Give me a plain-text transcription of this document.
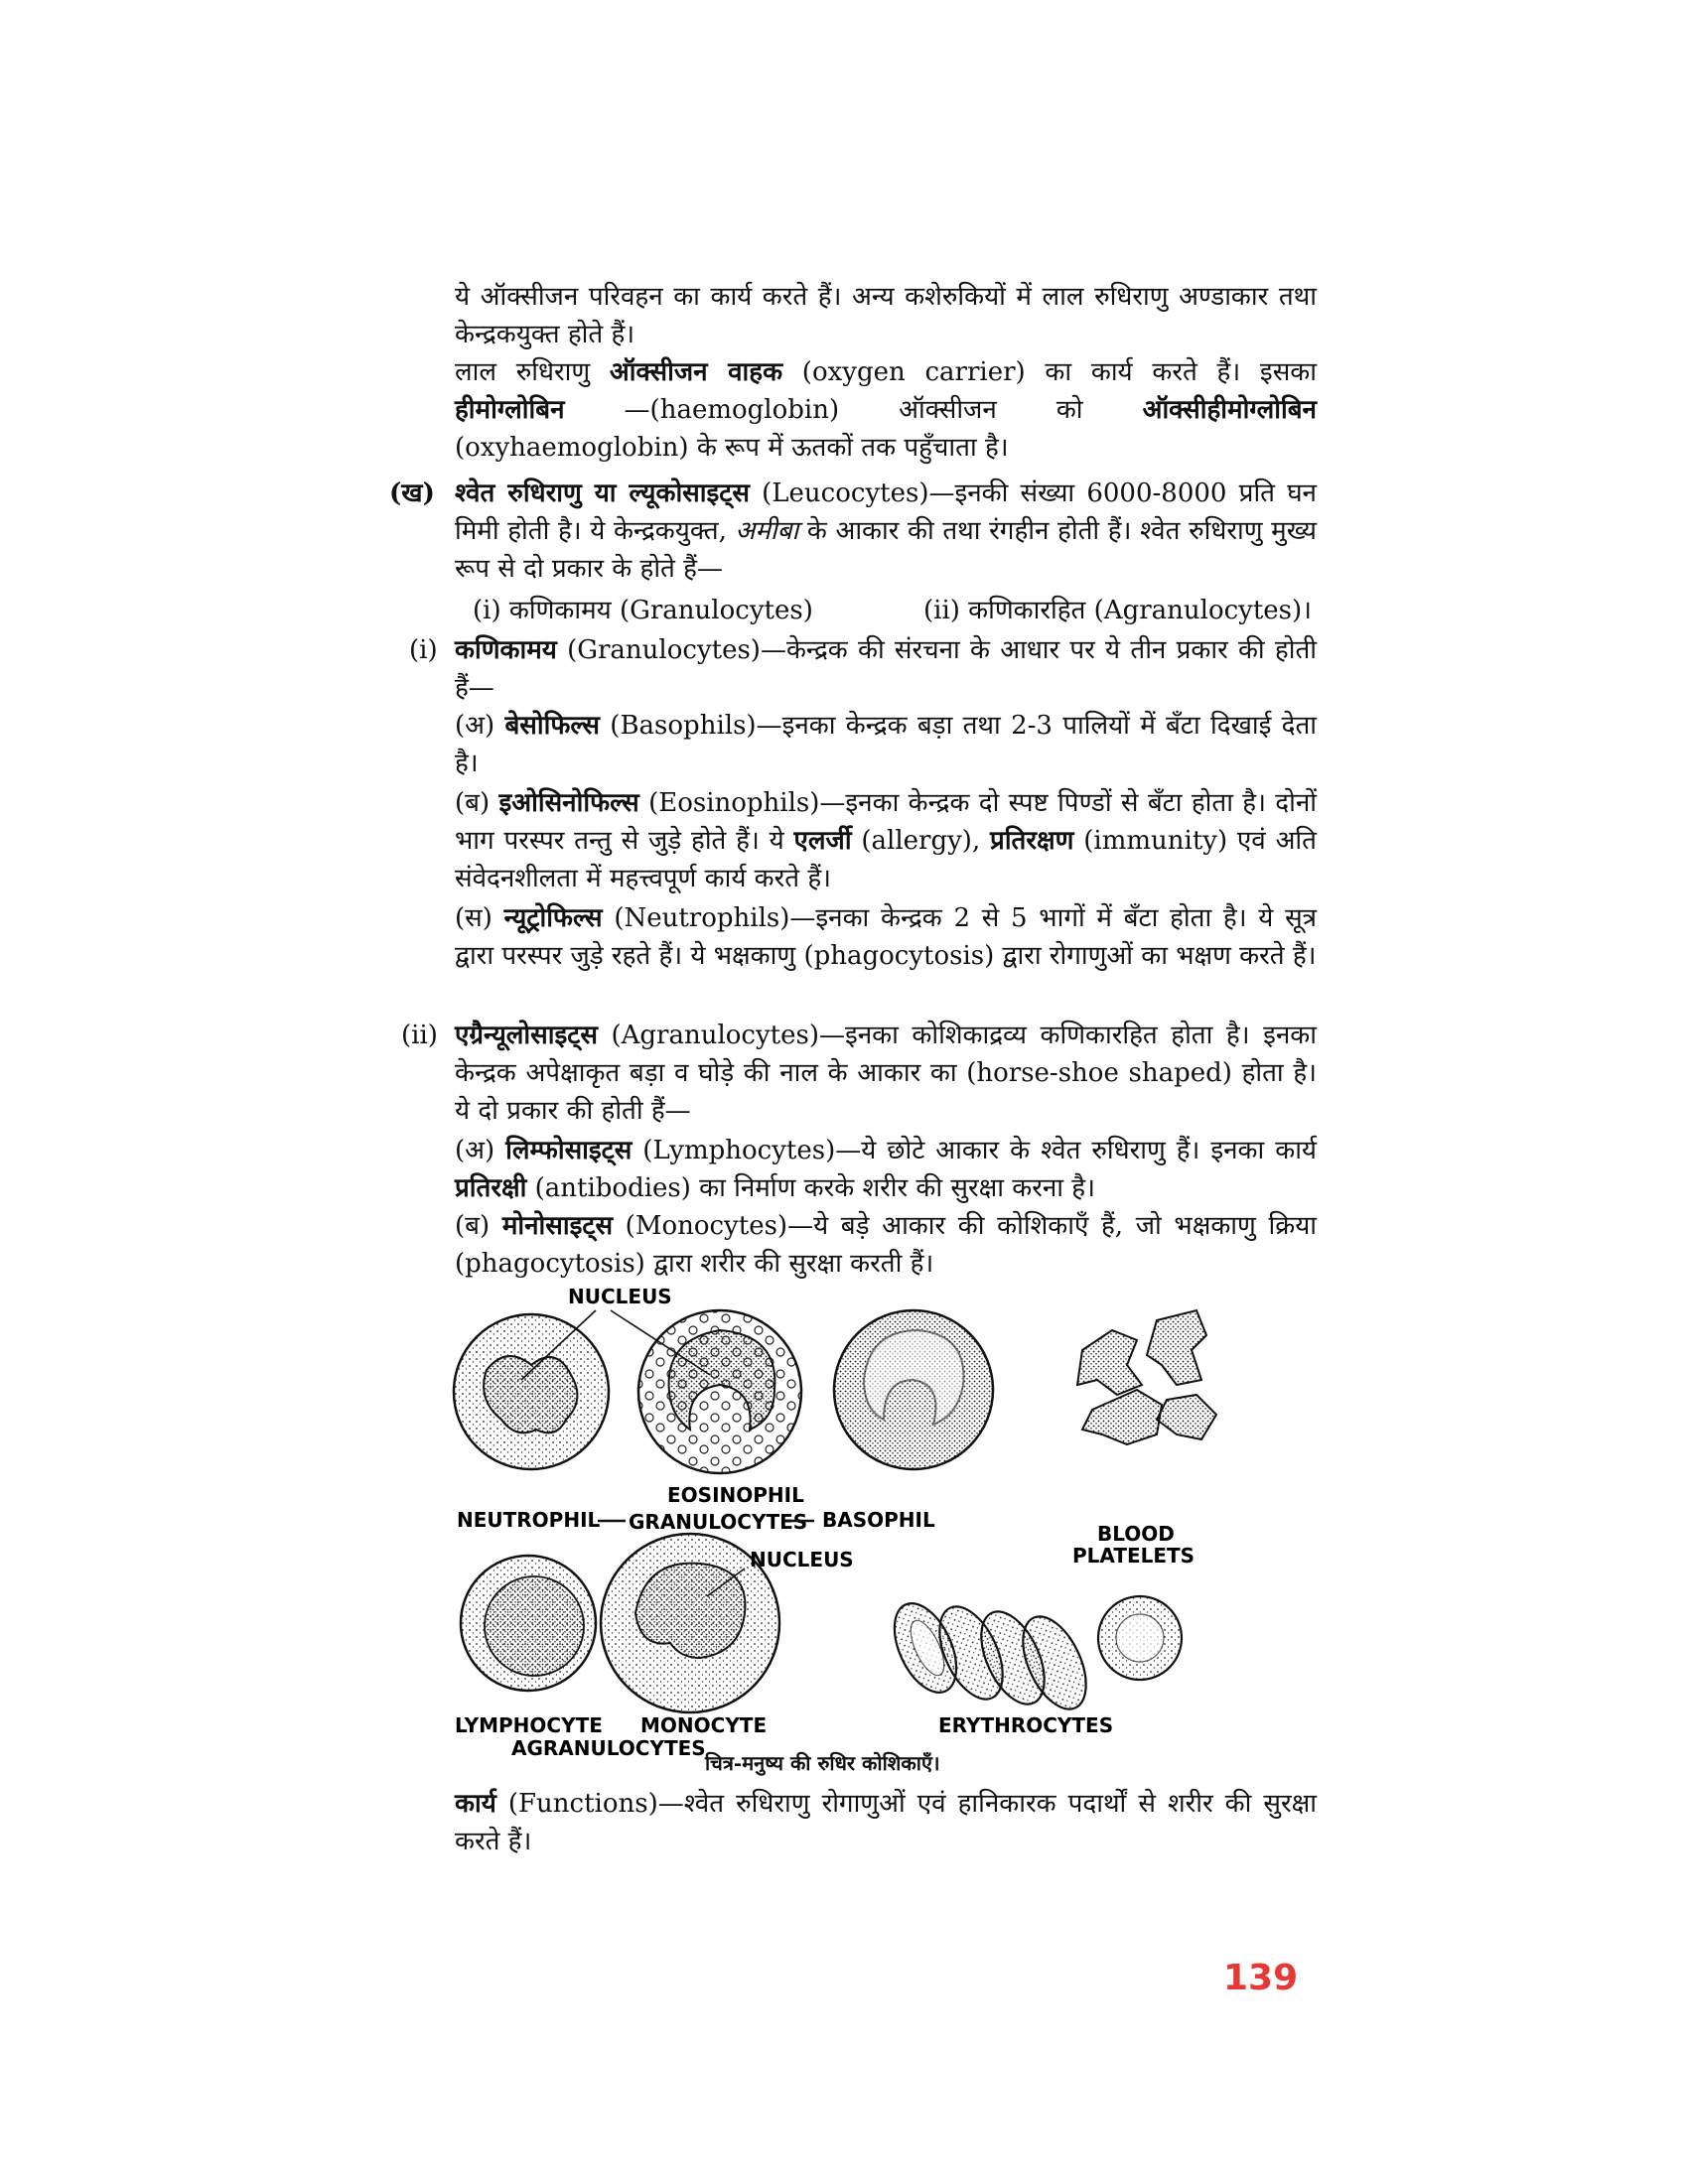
ये ऑक्सीजन परिवहन का कार्य करते हैं। अन्य कशेरुकियों में लाल रुधिराणु अण्डाकार तथा केन्द्रकयुक्त होते हैं।
लाल रुधिराणु ऑक्सीजन वाहक (oxygen carrier) का कार्य करते हैं। इसका हीमोग्लोबिन —(haemoglobin) ऑक्सीजन को ऑक्सीहीमोग्लोबिन (oxyhaemoglobin) के रूप में ऊतकों तक पहुँचाता है।
(ख) श्वेत रुधिराणु या ल्यूकोसाइट्स (Leucocytes)—इनकी संख्या 6000-8000 प्रति घन मिमी होती है। ये केन्द्रकयुक्त, अमीबा के आकार की तथा रंगहीन होती हैं। श्वेत रुधिराणु मुख्य रूप से दो प्रकार के होते हैं—
(i) कणिकामय (Granulocytes)	(ii) कणिकारहित (Agranulocytes)।
(i) कणिकामय (Granulocytes)—केन्द्रक की संरचना के आधार पर ये तीन प्रकार की होती हैं—
(अ) बेसोफिल्स (Basophils)—इनका केन्द्रक बड़ा तथा 2-3 पालियों में बँटा दिखाई देता है।
(ब) इओसिनोफिल्स (Eosinophils)—इनका केन्द्रक दो स्पष्ट पिण्डों से बँटा होता है। दोनों भाग परस्पर तन्तु से जुड़े होते हैं। ये एलर्जी (allergy), प्रतिरक्षण (immunity) एवं अति संवेदनशीलता में महत्त्वपूर्ण कार्य करते हैं।
(स) न्यूट्रोफिल्स (Neutrophils)—इनका केन्द्रक 2 से 5 भागों में बँटा होता है। ये सूत्र द्वारा परस्पर जुड़े रहते हैं। ये भक्षकाणु (phagocytosis) द्वारा रोगाणुओं का भक्षण करते हैं।
(ii) एग्रैन्यूलोसाइट्स (Agranulocytes)—इनका कोशिकाद्रव्य कणिकारहित होता है। इनका केन्द्रक अपेक्षाकृत बड़ा व घोड़े की नाल के आकार का (horse-shoe shaped) होता है। ये दो प्रकार की होती हैं—
(अ) लिम्फोसाइट्स (Lymphocytes)—ये छोटे आकार के श्वेत रुधिराणु हैं। इनका कार्य प्रतिरक्षी (antibodies) का निर्माण करके शरीर की सुरक्षा करना है।
(ब) मोनोसाइट्स (Monocytes)—ये बड़े आकार की कोशिकाएँ हैं, जो भक्षकाणु क्रिया (phagocytosis) द्वारा शरीर की सुरक्षा करती हैं।
NUCLEUS
EOSINOPHIL
NEUTROPHIL GRANULOCYTES BASOPHIL
BLOOD
PLATELETS
NUCLEUS
LYMPHOCYTE MONOCYTE	ERYTHROCYTES
AGRANULOCYTES
चित्र-मनुष्य की रुधिर कोशिकाएँ।
कार्य (Functions)—श्वेत रुधिराणु रोगाणुओं एवं हानिकारक पदार्थों से शरीर की सुरक्षा करते हैं।
139
